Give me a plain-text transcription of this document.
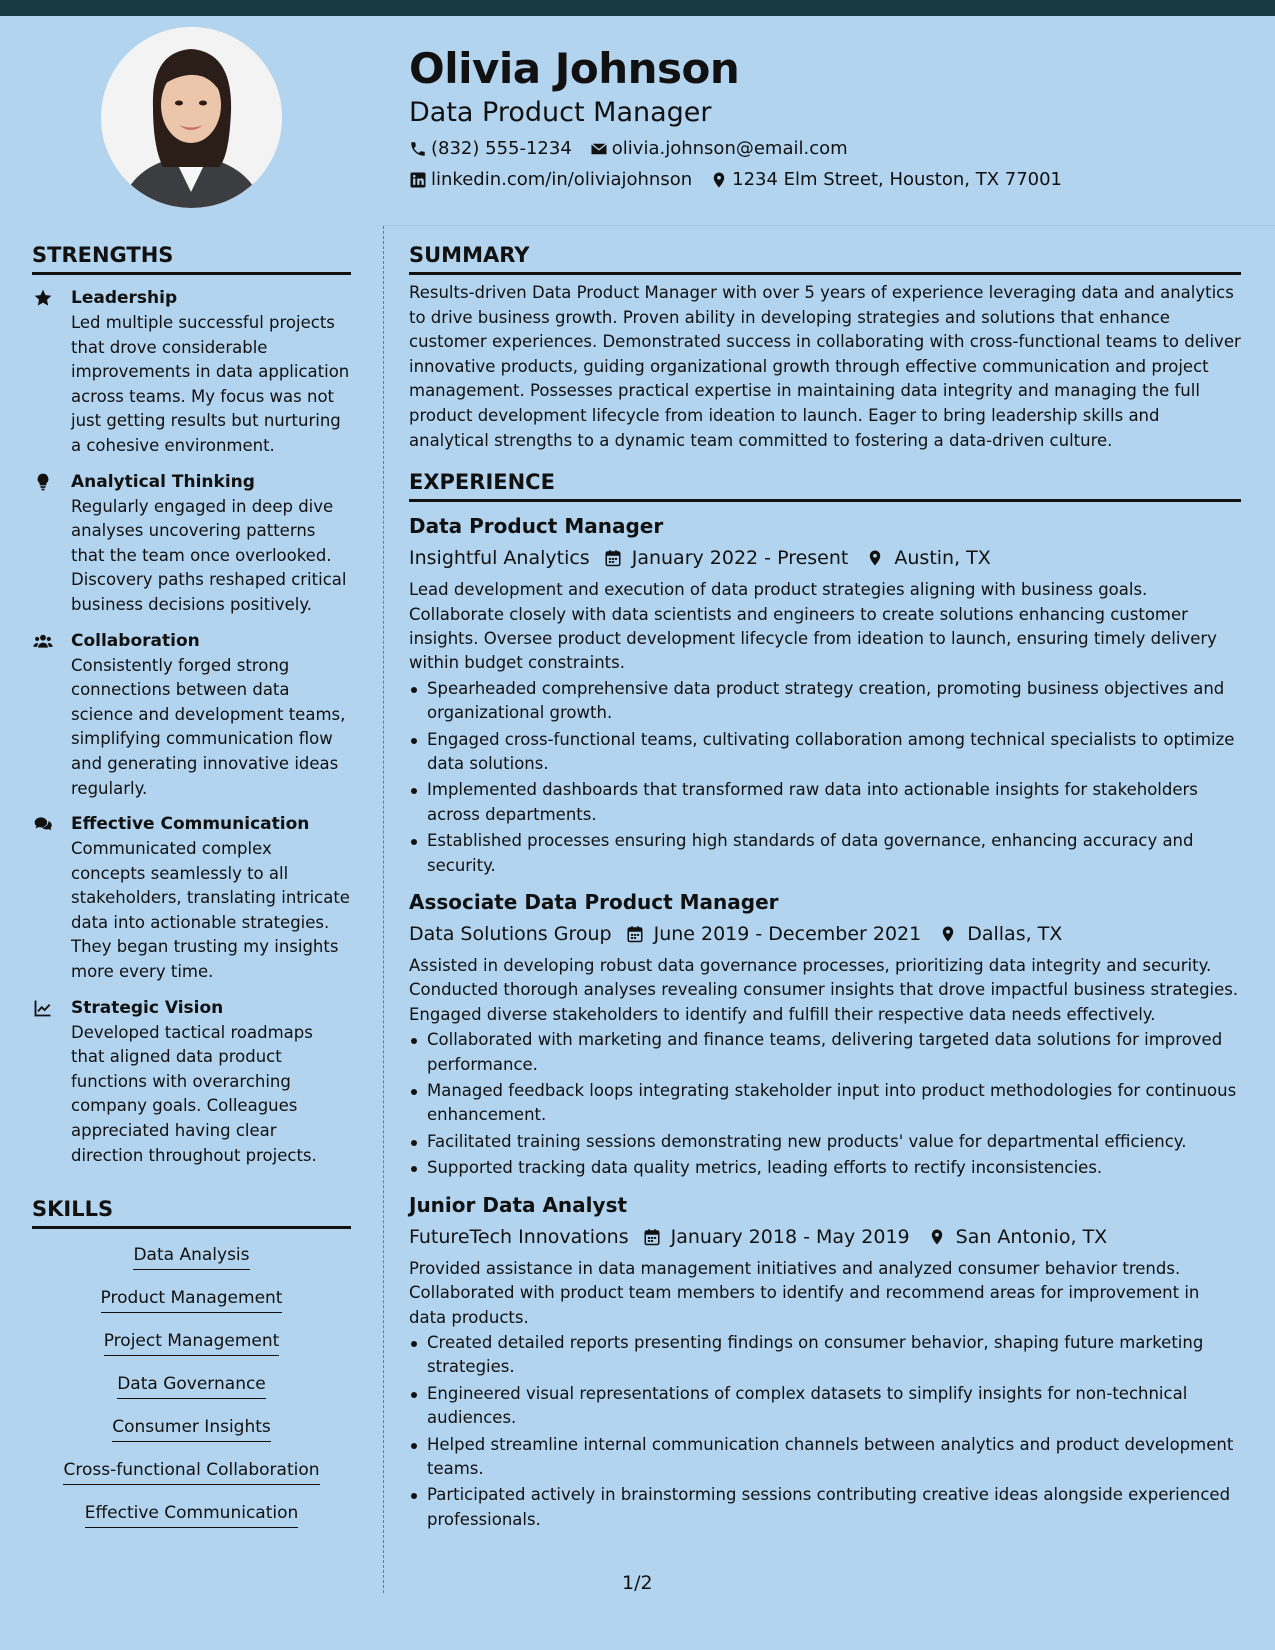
Olivia Johnson
Data Product Manager
(832) 555-1234 olivia.johnson@email.com
linkedin.com/in/oliviajohnson 1234 Elm Street, Houston, TX 77001
STRENGTHS
Leadership
Led multiple successful projects that drove considerable improvements in data application across teams. My focus was not just getting results but nurturing a cohesive environment.
Analytical Thinking
Regularly engaged in deep dive analyses uncovering patterns that the team once overlooked. Discovery paths reshaped critical business decisions positively.
Collaboration
Consistently forged strong connections between data science and development teams, simplifying communication flow and generating innovative ideas regularly.
Effective Communication
Communicated complex concepts seamlessly to all stakeholders, translating intricate data into actionable strategies. They began trusting my insights more every time.
Strategic Vision
Developed tactical roadmaps that aligned data product functions with overarching company goals. Colleagues appreciated having clear direction throughout projects.
SKILLS
Data Analysis
Product Management
Project Management
Data Governance
Consumer Insights
Cross-functional Collaboration
Effective Communication
SUMMARY
Results-driven Data Product Manager with over 5 years of experience leveraging data and analytics to drive business growth. Proven ability in developing strategies and solutions that enhance customer experiences. Demonstrated success in collaborating with cross-functional teams to deliver innovative products, guiding organizational growth through effective communication and project management. Possesses practical expertise in maintaining data integrity and managing the full product development lifecycle from ideation to launch. Eager to bring leadership skills and analytical strengths to a dynamic team committed to fostering a data-driven culture.
EXPERIENCE
Data Product Manager
Insightful Analytics January 2022 - Present Austin, TX
Lead development and execution of data product strategies aligning with business goals. Collaborate closely with data scientists and engineers to create solutions enhancing customer insights. Oversee product development lifecycle from ideation to launch, ensuring timely delivery within budget constraints.
Spearheaded comprehensive data product strategy creation, promoting business objectives and organizational growth.
Engaged cross-functional teams, cultivating collaboration among technical specialists to optimize data solutions.
Implemented dashboards that transformed raw data into actionable insights for stakeholders across departments.
Established processes ensuring high standards of data governance, enhancing accuracy and security.
Associate Data Product Manager
Data Solutions Group June 2019 - December 2021 Dallas, TX
Assisted in developing robust data governance processes, prioritizing data integrity and security. Conducted thorough analyses revealing consumer insights that drove impactful business strategies. Engaged diverse stakeholders to identify and fulfill their respective data needs effectively.
Collaborated with marketing and finance teams, delivering targeted data solutions for improved performance.
Managed feedback loops integrating stakeholder input into product methodologies for continuous enhancement.
Facilitated training sessions demonstrating new products' value for departmental efficiency.
Supported tracking data quality metrics, leading efforts to rectify inconsistencies.
Junior Data Analyst
FutureTech Innovations January 2018 - May 2019 San Antonio, TX
Provided assistance in data management initiatives and analyzed consumer behavior trends. Collaborated with product team members to identify and recommend areas for improvement in data products.
Created detailed reports presenting findings on consumer behavior, shaping future marketing strategies.
Engineered visual representations of complex datasets to simplify insights for non-technical audiences.
Helped streamline internal communication channels between analytics and product development teams.
Participated actively in brainstorming sessions contributing creative ideas alongside experienced professionals.
1/2
